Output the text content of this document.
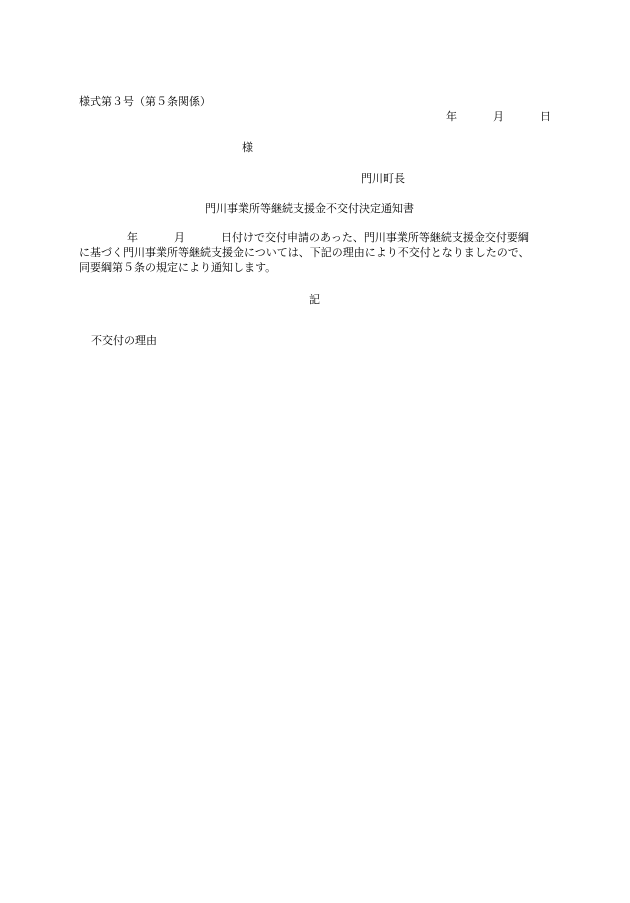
様式第３号（第５条関係）
年	月	日
様
門川町長
門川事業所等継続支援金不交付決定通知書
年	月	日付けで交付申請のあった、門川事業所等継続支援金交付要綱
に基づく門川事業所等継続支援金については、下記の理由により不交付となりましたので、
同要綱第５条の規定により通知します。
記
不交付の理由
